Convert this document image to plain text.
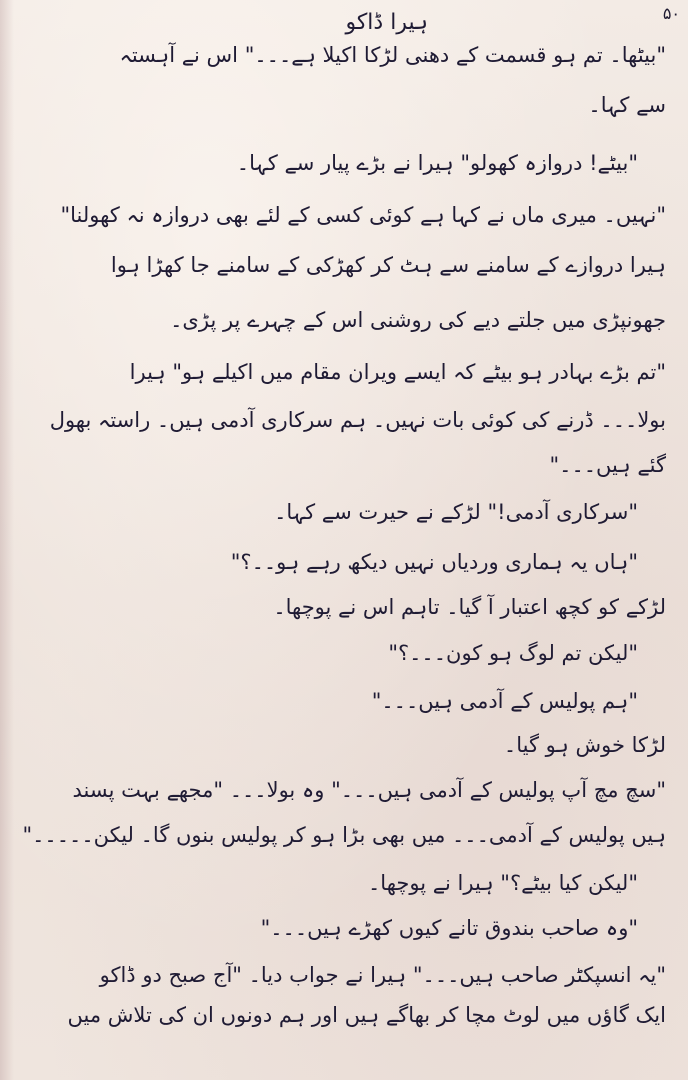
۵۰
ہیرا ڈاکو
"بیٹھا۔ تم ہو قسمت کے دھنی لڑکا اکیلا ہے۔۔۔" اس نے آہستہ
سے کہا۔
"بیٹے! دروازہ کھولو" ہیرا نے بڑے پیار سے کہا۔
"نہیں۔ میری ماں نے کہا ہے کوئی کسی کے لئے بھی دروازہ نہ کھولنا"
ہیرا دروازے کے سامنے سے ہٹ کر کھڑکی کے سامنے جا کھڑا ہوا
جھونپڑی میں جلتے دیے کی روشنی اس کے چہرے پر پڑی۔
"تم بڑے بہادر ہو بیٹے کہ ایسے ویران مقام میں اکیلے ہو" ہیرا
بولا۔۔۔ ڈرنے کی کوئی بات نہیں۔ ہم سرکاری آدمی ہیں۔ راستہ بھول
گئے ہیں۔۔۔"
"سرکاری آدمی!" لڑکے نے حیرت سے کہا۔
"ہاں یہ ہماری وردیاں نہیں دیکھ رہے ہو۔۔؟"
لڑکے کو کچھ اعتبار آ گیا۔ تاہم اس نے پوچھا۔
"لیکن تم لوگ ہو کون۔۔۔؟"
"ہم پولیس کے آدمی ہیں۔۔۔"
لڑکا خوش ہو گیا۔
"سچ مچ آپ پولیس کے آدمی ہیں۔۔۔" وہ بولا۔۔۔ "مجھے بہت پسند
ہیں پولیس کے آدمی۔۔۔ میں بھی بڑا ہو کر پولیس بنوں گا۔ لیکن۔۔۔۔۔"
"لیکن کیا بیٹے؟" ہیرا نے پوچھا۔
"وہ صاحب بندوق تانے کیوں کھڑے ہیں۔۔۔"
"یہ انسپکٹر صاحب ہیں۔۔۔" ہیرا نے جواب دیا۔ "آج صبح دو ڈاکو
ایک گاؤں میں لوٹ مچا کر بھاگے ہیں اور ہم دونوں ان کی تلاش میں
